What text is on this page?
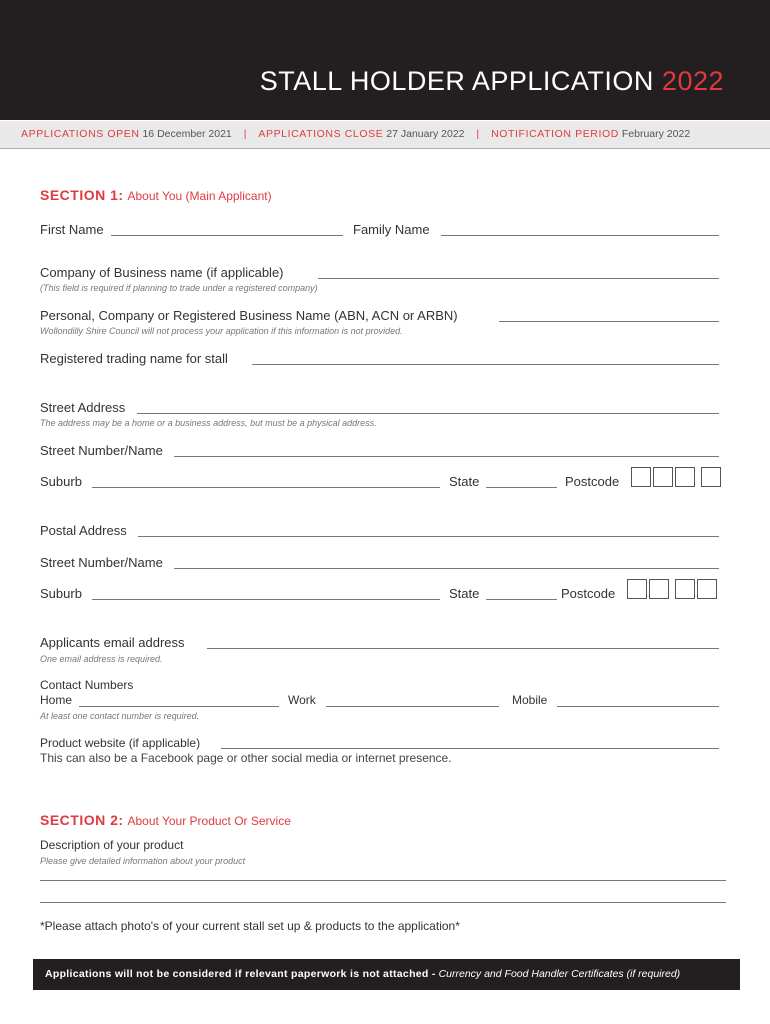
STALL HOLDER APPLICATION 2022
APPLICATIONS OPEN 16 December 2021 | APPLICATIONS CLOSE 27 January 2022 | NOTIFICATION PERIOD February 2022
SECTION 1: About You (Main Applicant)
First Name	Family Name
Company of Business name (if applicable)
(This field is required if planning to trade under a registered company)
Personal, Company or Registered Business Name (ABN, ACN or ARBN)
Wollondilly Shire Council will not process your application if this information is not provided.
Registered trading name for stall
Street Address
The address may be a home or a business address, but must be a physical address.
Street Number/Name
Suburb	State	Postcode
Postal Address
Street Number/Name
Suburb	State	Postcode
Applicants email address
One email address is required.
Contact Numbers
Home	Work	Mobile
At least one contact number is required.
Product website (if applicable)
This can also be a Facebook page or other social media or internet presence.
SECTION 2: About Your Product Or Service
Description of your product
Please give detailed information about your product
*Please attach photo's of your current stall set up & products to the application*
Applications will not be considered if relevant paperwork is not attached - Currency and Food Handler Certificates (if required)
